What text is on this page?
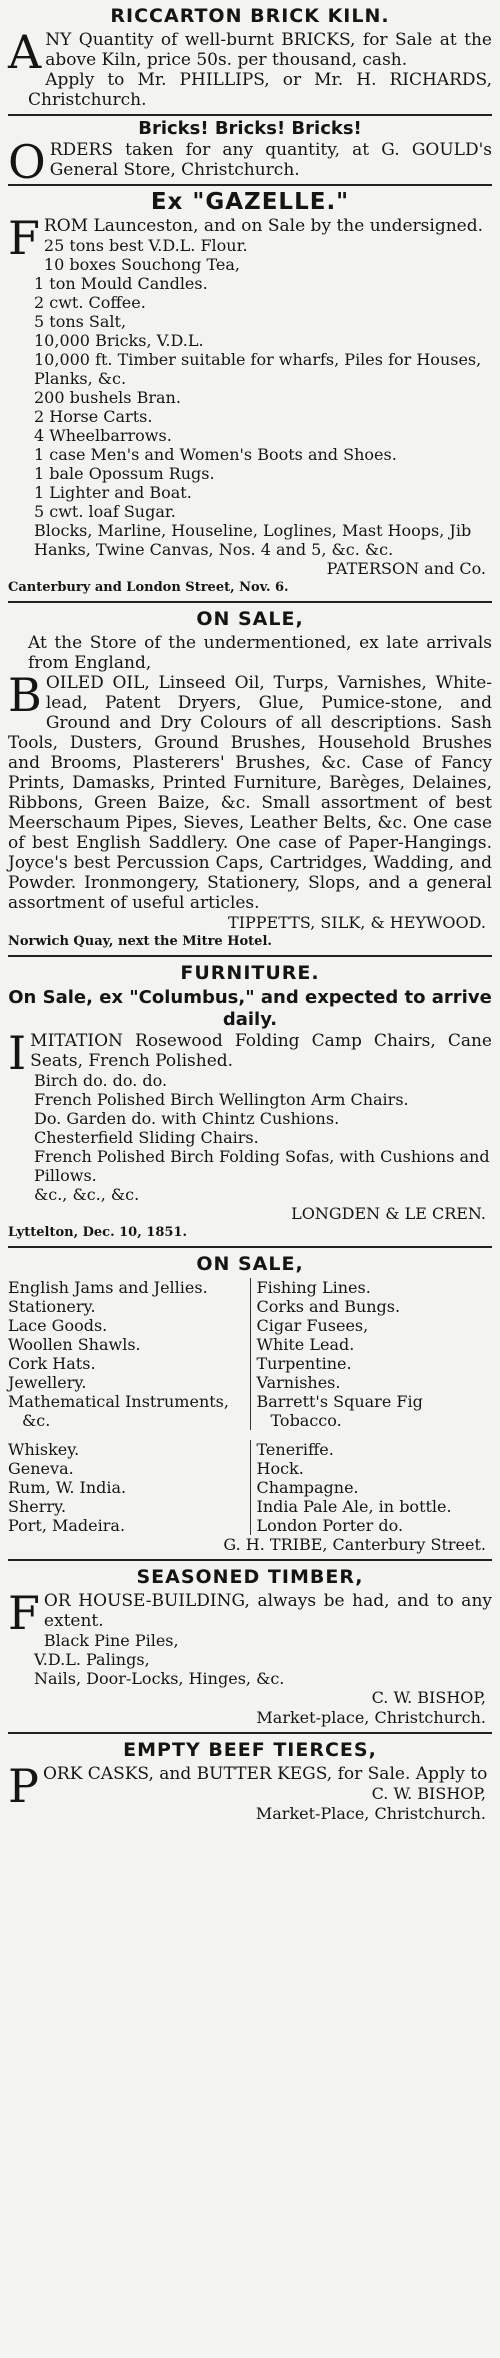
RICCARTON BRICK KILN.

ANY Quantity of well-burnt BRICKS, for Sale at the above Kiln, price 50s. per thousand, cash.

Apply to Mr. PHILLIPS, or Mr. H. RICHARDS, Christchurch.

Bricks! Bricks! Bricks!

ORDERS taken for any quantity, at G. GOULD's General Store, Christchurch.

Ex "GAZELLE."

FROM Launceston, and on Sale by the undersigned.

25 tons best V.D.L. Flour.

10 boxes Souchong Tea,

1 ton Mould Candles.

2 cwt. Coffee.

5 tons Salt,

10,000 Bricks, V.D.L.

10,000 ft. Timber suitable for wharfs, Piles for Houses, Planks, &c.

200 bushels Bran.

2 Horse Carts.

4 Wheelbarrows.

1 case Men's and Women's Boots and Shoes.

1 bale Opossum Rugs.

1 Lighter and Boat.

5 cwt. loaf Sugar.

Blocks, Marline, Houseline, Loglines, Mast Hoops, Jib Hanks, Twine Canvas, Nos. 4 and 5, &c. &c.

PATERSON and Co.
Canterbury and London Street, Nov. 6.
ON SALE,

At the Store of the undermentioned, ex late arrivals from England,

BOILED OIL, Linseed Oil, Turps, Varnishes, White-lead, Patent Dryers, Glue, Pumice-stone, and Ground and Dry Colours of all descriptions. Sash Tools, Dusters, Ground Brushes, Household Brushes and Brooms, Plasterers' Brushes, &c. Case of Fancy Prints, Damasks, Printed Furniture, Barèges, Delaines, Ribbons, Green Baize, &c. Small assortment of best Meerschaum Pipes, Sieves, Leather Belts, &c. One case of best English Saddlery. One case of Paper-Hangings. Joyce's best Percussion Caps, Cartridges, Wadding, and Powder. Ironmongery, Stationery, Slops, and a general assortment of useful articles.

TIPPETTS, SILK, & HEYWOOD.
Norwich Quay, next the Mitre Hotel.
FURNITURE.
On Sale, ex "Columbus," and expected to arrive daily.

IMITATION Rosewood Folding Camp Chairs, Cane Seats, French Polished.

Birch do. do. do.

French Polished Birch Wellington Arm Chairs.

Do. Garden do. with Chintz Cushions.

Chesterfield Sliding Chairs.

French Polished Birch Folding Sofas, with Cushions and Pillows.

&c., &c., &c.

LONGDEN & LE CREN.
Lyttelton, Dec. 10, 1851.
ON SALE,

English Jams and Jellies.

Stationery.

Lace Goods.

Woollen Shawls.

Cork Hats.

Jewellery.

Mathematical Instruments, &c.

Fishing Lines.

Corks and Bungs.

Cigar Fusees,

White Lead.

Turpentine.

Varnishes.

Barrett's Square Fig Tobacco.

Whiskey.

Geneva.

Rum, W. India.

Sherry.

Port, Madeira.

Teneriffe.

Hock.

Champagne.

India Pale Ale, in bottle.

London Porter do.

G. H. TRIBE, Canterbury Street.
SEASONED TIMBER,

FOR HOUSE-BUILDING, always be had, and to any extent.

Black Pine Piles,

V.D.L. Palings,

Nails, Door-Locks, Hinges, &c.

C. W. BISHOP,
Market-place, Christchurch.
EMPTY BEEF TIERCES,

PORK CASKS, and BUTTER KEGS, for Sale. Apply to

C. W. BISHOP,
Market-Place, Christchurch.
